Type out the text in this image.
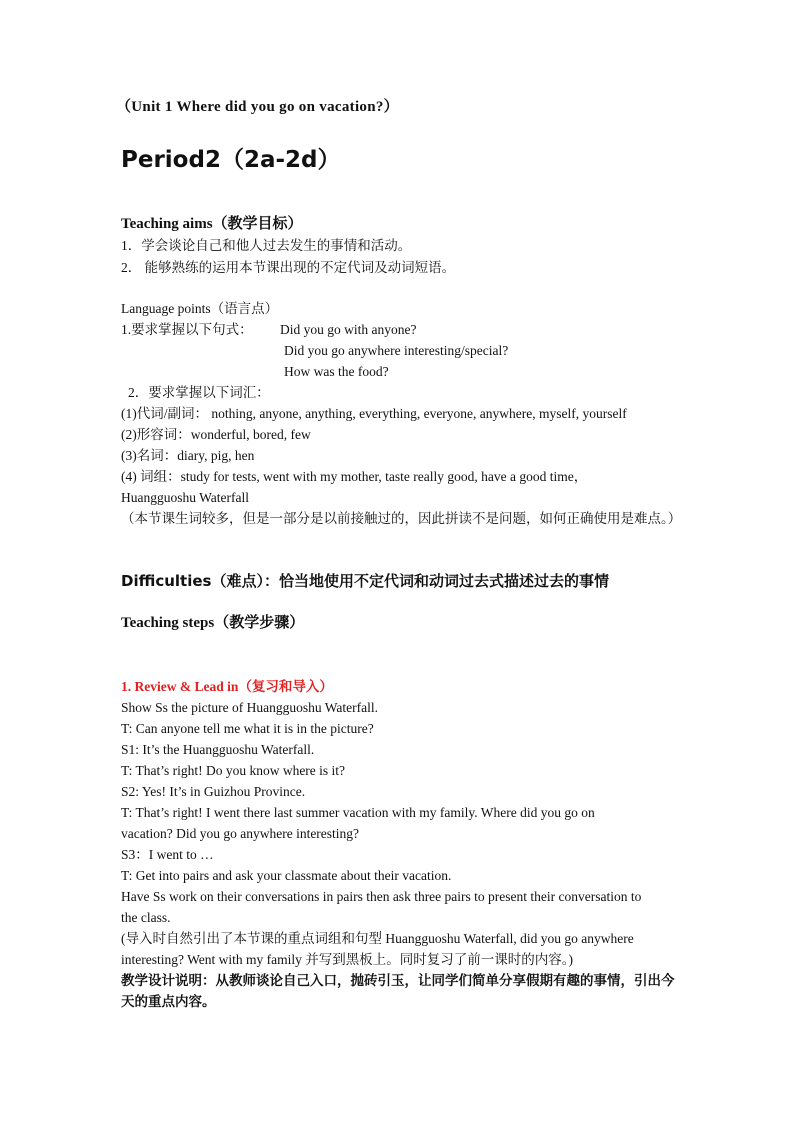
（Unit 1 Where did you go on vacation?）
Period2（2a-2d）
Teaching aims（教学目标）
1．学会谈论自己和他人过去发生的事情和活动。
2． 能够熟练的运用本节课出现的不定代词及动词短语。
Language points（语言点）
1.要求掌握以下句式： Did you go with anyone?
Did you go anywhere interesting/special?
How was the food?
2．要求掌握以下词汇：
(1)代词/副词： nothing, anyone, anything, everything, everyone, anywhere, myself, yourself
(2)形容词：wonderful, bored, few
(3)名词：diary, pig, hen
(4) 词组：study for tests, went with my mother, taste really good, have a good time，
Huangguoshu Waterfall
（本节课生词较多，但是一部分是以前接触过的，因此拼读不是问题，如何正确使用是难点。）
Difficulties（难点）：恰当地使用不定代词和动词过去式描述过去的事情
Teaching steps（教学步骤）
1. Review & Lead in（复习和导入）
Show Ss the picture of Huangguoshu Waterfall.
T: Can anyone tell me what it is in the picture?
S1: It’s the Huangguoshu Waterfall.
T: That’s right! Do you know where is it?
S2: Yes! It’s in Guizhou Province.
T: That’s right! I went there last summer vacation with my family. Where did you go on
vacation? Did you go anywhere interesting?
S3：I went to …
T: Get into pairs and ask your classmate about their vacation.
Have Ss work on their conversations in pairs then ask three pairs to present their conversation to
the class.
(导入时自然引出了本节课的重点词组和句型 Huangguoshu Waterfall, did you go anywhere
interesting? Went with my family 并写到黑板上。同时复习了前一课时的内容。)
教学设计说明：从教师谈论自己入口，抛砖引玉，让同学们简单分享假期有趣的事情，引出今
天的重点内容。
